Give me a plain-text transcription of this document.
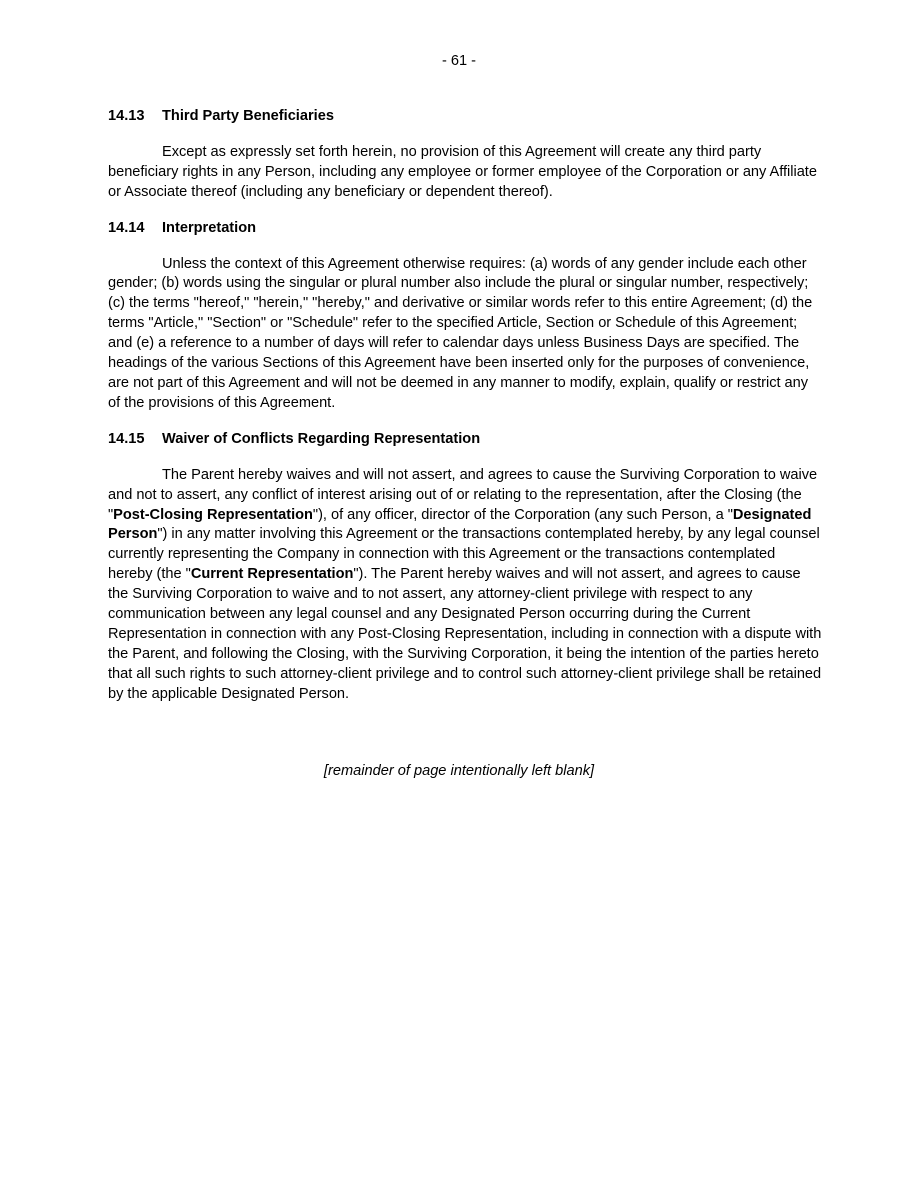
- 61 -
14.13 Third Party Beneficiaries

Except as expressly set forth herein, no provision of this Agreement will create any third party beneficiary rights in any Person, including any employee or former employee of the Corporation or any Affiliate or Associate thereof (including any beneficiary or dependent thereof).

14.14 Interpretation

Unless the context of this Agreement otherwise requires: (a) words of any gender include each other gender; (b) words using the singular or plural number also include the plural or singular number, respectively; (c) the terms "hereof," "herein," "hereby," and derivative or similar words refer to this entire Agreement; (d) the terms "Article," "Section" or "Schedule" refer to the specified Article, Section or Schedule of this Agreement; and (e) a reference to a number of days will refer to calendar days unless Business Days are specified. The headings of the various Sections of this Agreement have been inserted only for the purposes of convenience, are not part of this Agreement and will not be deemed in any manner to modify, explain, qualify or restrict any of the provisions of this Agreement.

14.15 Waiver of Conflicts Regarding Representation

The Parent hereby waives and will not assert, and agrees to cause the Surviving Corporation to waive and not to assert, any conflict of interest arising out of or relating to the representation, after the Closing (the "Post-Closing Representation"), of any officer, director of the Corporation (any such Person, a "Designated Person") in any matter involving this Agreement or the transactions contemplated hereby, by any legal counsel currently representing the Company in connection with this Agreement or the transactions contemplated hereby (the "Current Representation"). The Parent hereby waives and will not assert, and agrees to cause the Surviving Corporation to waive and to not assert, any attorney-client privilege with respect to any communication between any legal counsel and any Designated Person occurring during the Current Representation in connection with any Post-Closing Representation, including in connection with a dispute with the Parent, and following the Closing, with the Surviving Corporation, it being the intention of the parties hereto that all such rights to such attorney-client privilege and to control such attorney-client privilege shall be retained by the applicable Designated Person.

[remainder of page intentionally left blank]
